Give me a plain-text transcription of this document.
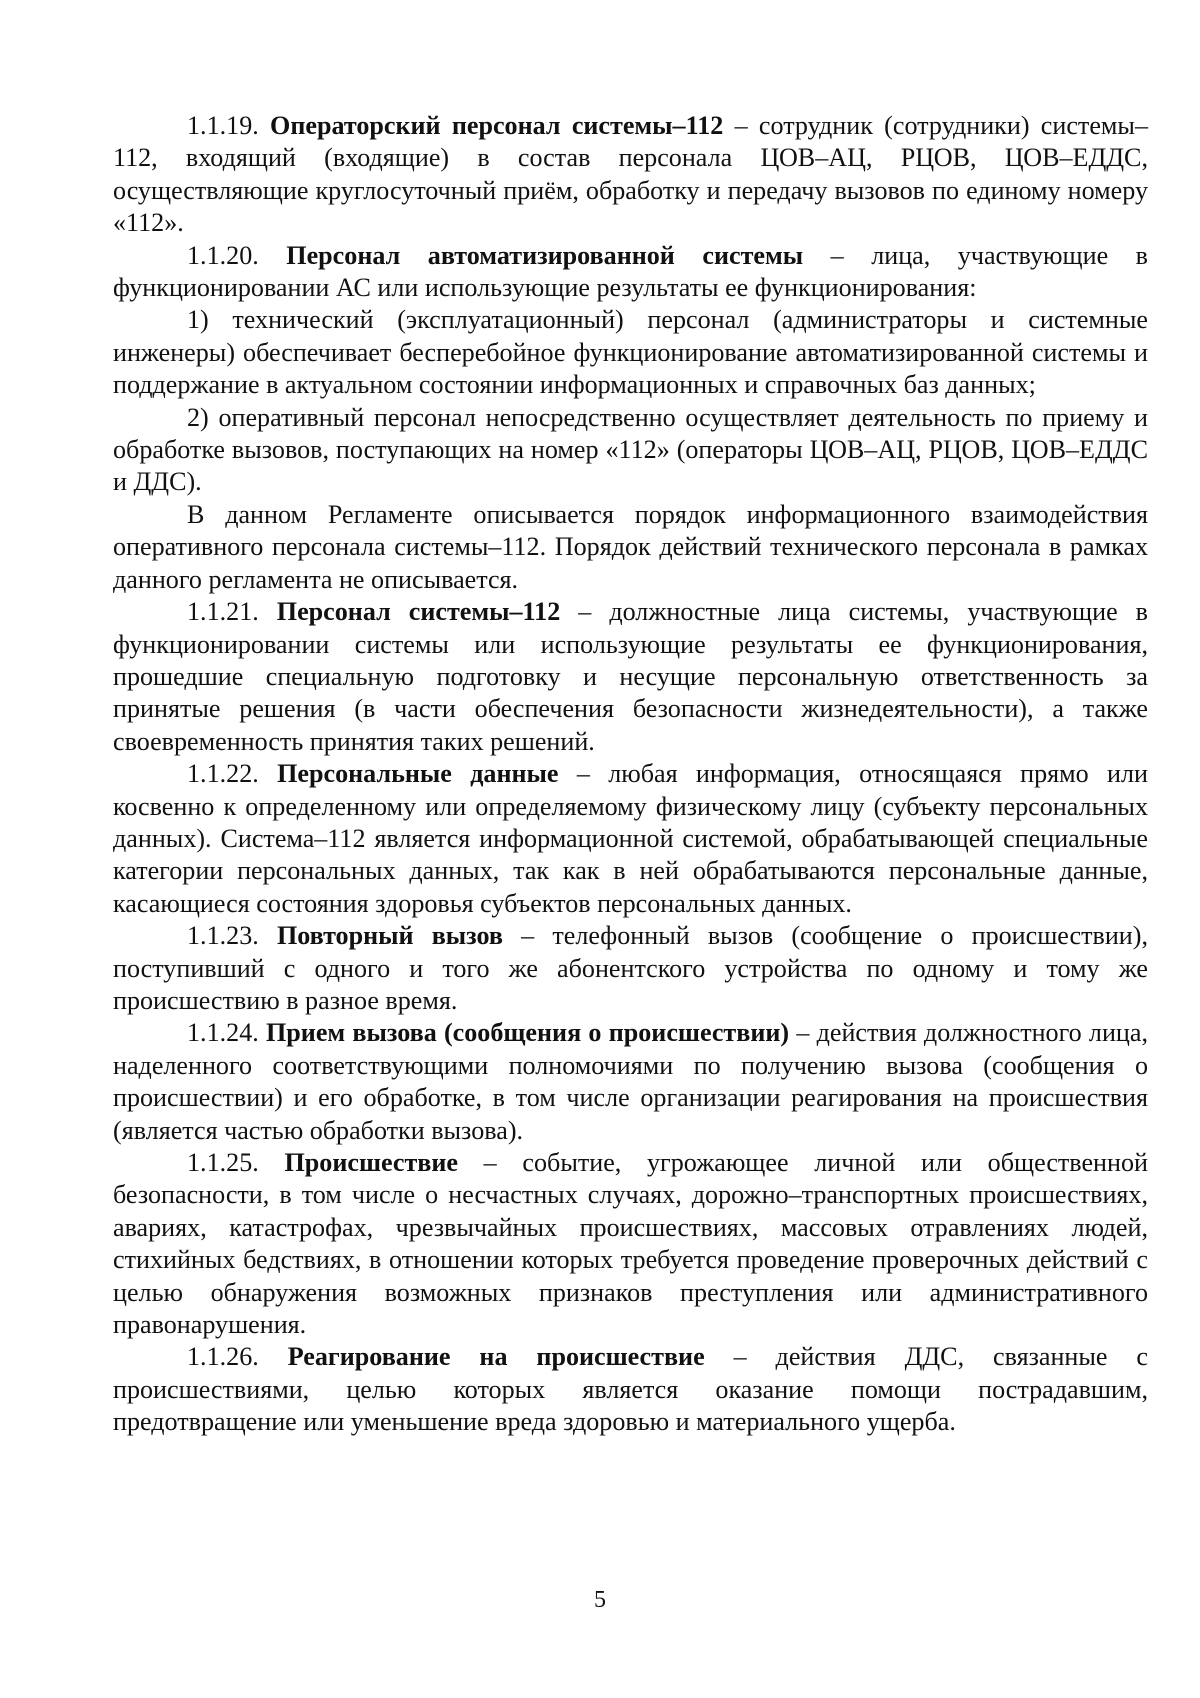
1.1.19. Операторский персонал системы–112 – сотрудник (сотрудники) системы–112, входящий (входящие) в состав персонала ЦОВ–АЦ, РЦОВ, ЦОВ–ЕДДС, осуществляющие круглосуточный приём, обработку и передачу вызовов по единому номеру «112».

1.1.20. Персонал автоматизированной системы – лица, участвующие в функционировании АС или использующие результаты ее функционирования:

1) технический (эксплуатационный) персонал (администраторы и системные инженеры) обеспечивает бесперебойное функционирование автоматизированной системы и поддержание в актуальном состоянии информационных и справочных баз данных;

2) оперативный персонал непосредственно осуществляет деятельность по приему и обработке вызовов, поступающих на номер «112» (операторы ЦОВ–АЦ, РЦОВ, ЦОВ–ЕДДС и ДДС).

В данном Регламенте описывается порядок информационного взаимодействия оперативного персонала системы–112. Порядок действий технического персонала в рамках данного регламента не описывается.

1.1.21. Персонал системы–112 – должностные лица системы, участвующие в функционировании системы или использующие результаты ее функционирования, прошедшие специальную подготовку и несущие персональную ответственность за принятые решения (в части обеспечения безопасности жизнедеятельности), а также своевременность принятия таких решений.

1.1.22. Персональные данные – любая информация, относящаяся прямо или косвенно к определенному или определяемому физическому лицу (субъекту персональных данных). Система–112 является информационной системой, обрабатывающей специальные категории персональных данных, так как в ней обрабатываются персональные данные, касающиеся состояния здоровья субъектов персональных данных.

1.1.23. Повторный вызов – телефонный вызов (сообщение о происшествии), поступивший с одного и того же абонентского устройства по одному и тому же происшествию в разное время.

1.1.24. Прием вызова (сообщения о происшествии) – действия должностного лица, наделенного соответствующими полномочиями по получению вызова (сообщения о происшествии) и его обработке, в том числе организации реагирования на происшествия (является частью обработки вызова).

1.1.25. Происшествие – событие, угрожающее личной или общественной безопасности, в том числе о несчастных случаях, дорожно–транспортных происшествиях, авариях, катастрофах, чрезвычайных происшествиях, массовых отравлениях людей, стихийных бедствиях, в отношении которых требуется проведение проверочных действий с целью обнаружения возможных признаков преступления или административного правонарушения.

1.1.26. Реагирование на происшествие – действия ДДС, связанные с происшествиями, целью которых является оказание помощи пострадавшим, предотвращение или уменьшение вреда здоровью и материального ущерба.

5
